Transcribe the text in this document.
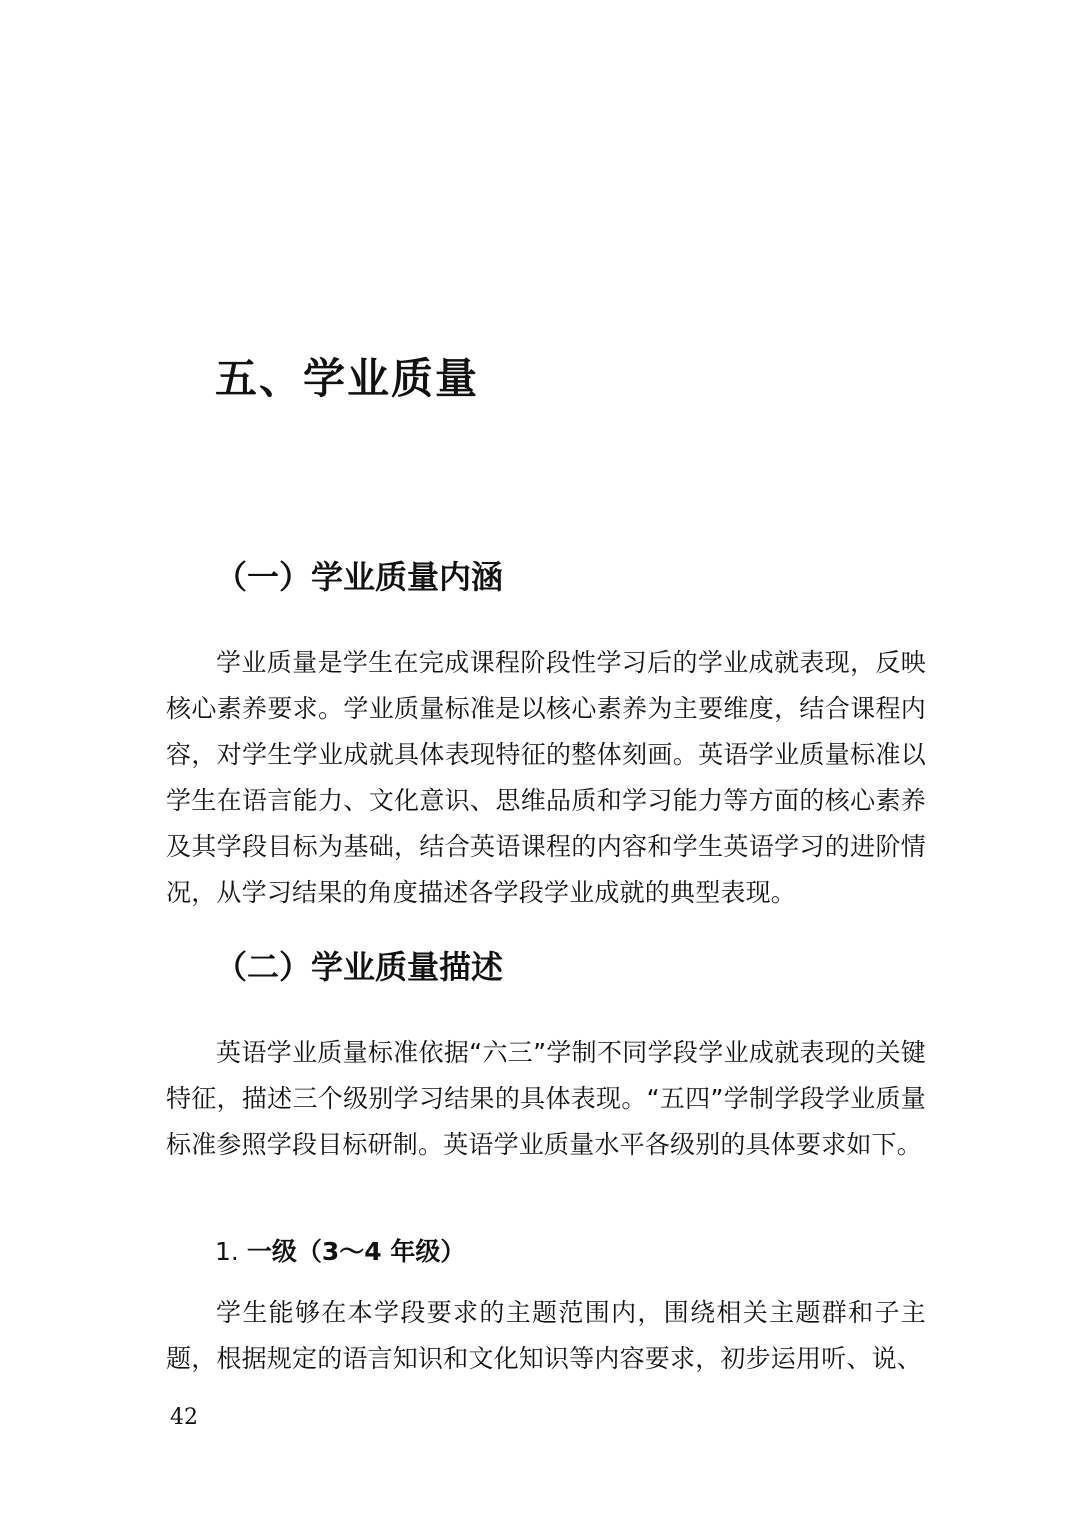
五、学业质量
（一）学业质量内涵

学业质量是学生在完成课程阶段性学习后的学业成就表现，反映核心素养要求。学业质量标准是以核心素养为主要维度，结合课程内容，对学生学业成就具体表现特征的整体刻画。英语学业质量标准以学生在语言能力、文化意识、思维品质和学习能力等方面的核心素养及其学段目标为基础，结合英语课程的内容和学生英语学习的进阶情况，从学习结果的角度描述各学段学业成就的典型表现。

（二）学业质量描述

英语学业质量标准依据“六三”学制不同学段学业成就表现的关键特征，描述三个级别学习结果的具体表现。“五四”学制学段学业质量标准参照学段目标研制。英语学业质量水平各级别的具体要求如下。

1. 一级（3～4 年级）

学生能够在本学段要求的主题范围内，围绕相关主题群和子主题，根据规定的语言知识和文化知识等内容要求，初步运用听、说、

42
